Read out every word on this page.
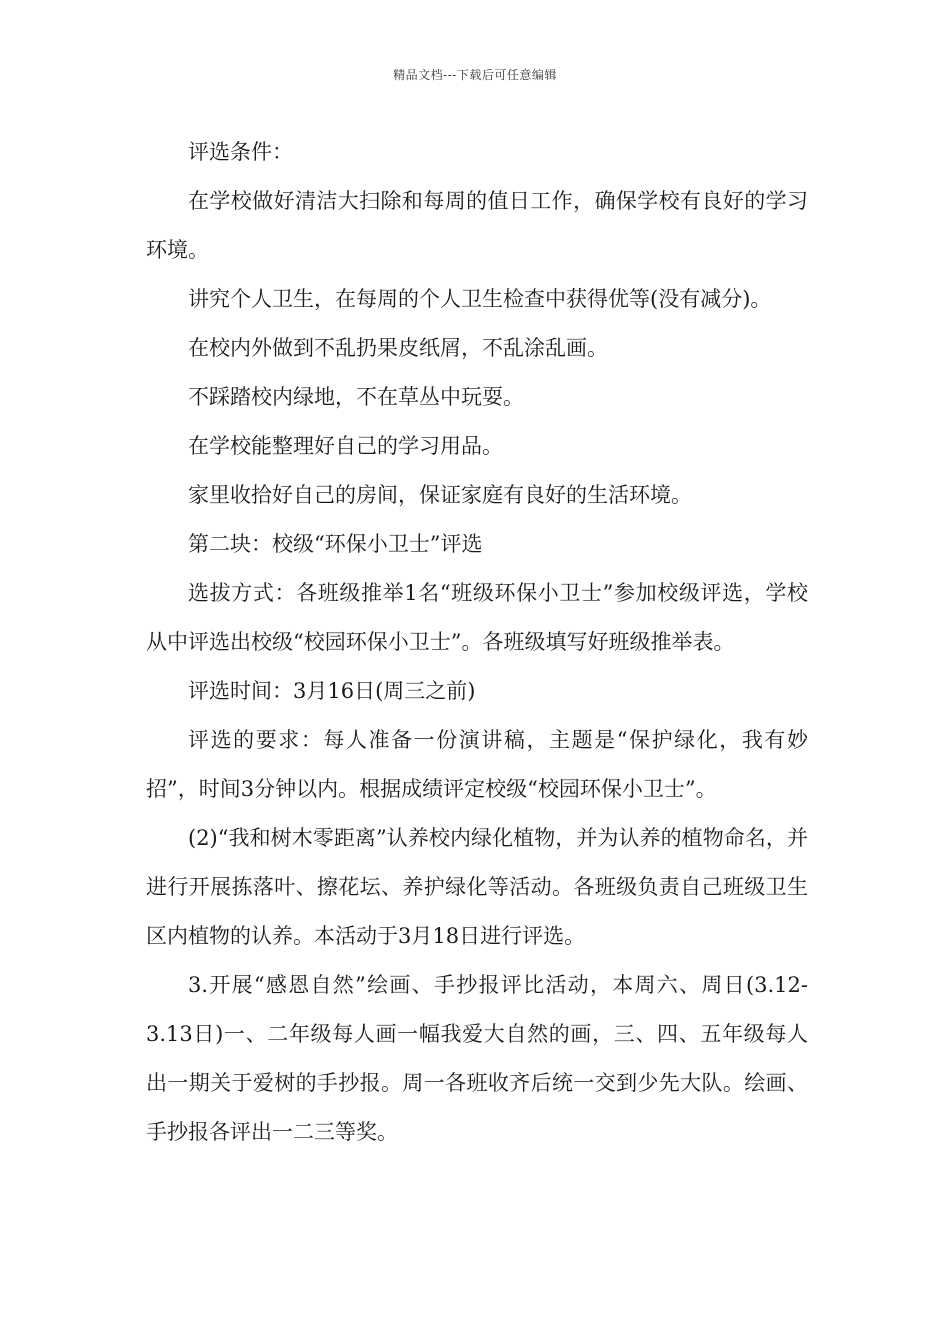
精品文档---下载后可任意编辑

评选条件：

在学校做好清洁大扫除和每周的值日工作，确保学校有良好的学习环境。

讲究个人卫生，在每周的个人卫生检查中获得优等(没有减分)。

在校内外做到不乱扔果皮纸屑，不乱涂乱画。

不踩踏校内绿地，不在草丛中玩耍。

在学校能整理好自己的学习用品。

家里收拾好自己的房间，保证家庭有良好的生活环境。

第二块：校级“环保小卫士”评选

选拔方式：各班级推举1名“班级环保小卫士”参加校级评选，学校从中评选出校级“校园环保小卫士”。各班级填写好班级推举表。

评选时间：3月16日(周三之前)

评选的要求：每人准备一份演讲稿，主题是“保护绿化，我有妙招”，时间3分钟以内。根据成绩评定校级“校园环保小卫士”。

(2)“我和树木零距离”认养校内绿化植物，并为认养的植物命名，并进行开展拣落叶、擦花坛、养护绿化等活动。各班级负责自己班级卫生区内植物的认养。本活动于3月18日进行评选。

3.开展“感恩自然”绘画、手抄报评比活动，本周六、周日(3.12-3.13日)一、二年级每人画一幅我爱大自然的画，三、四、五年级每人出一期关于爱树的手抄报。周一各班收齐后统一交到少先大队。绘画、手抄报各评出一二三等奖。
